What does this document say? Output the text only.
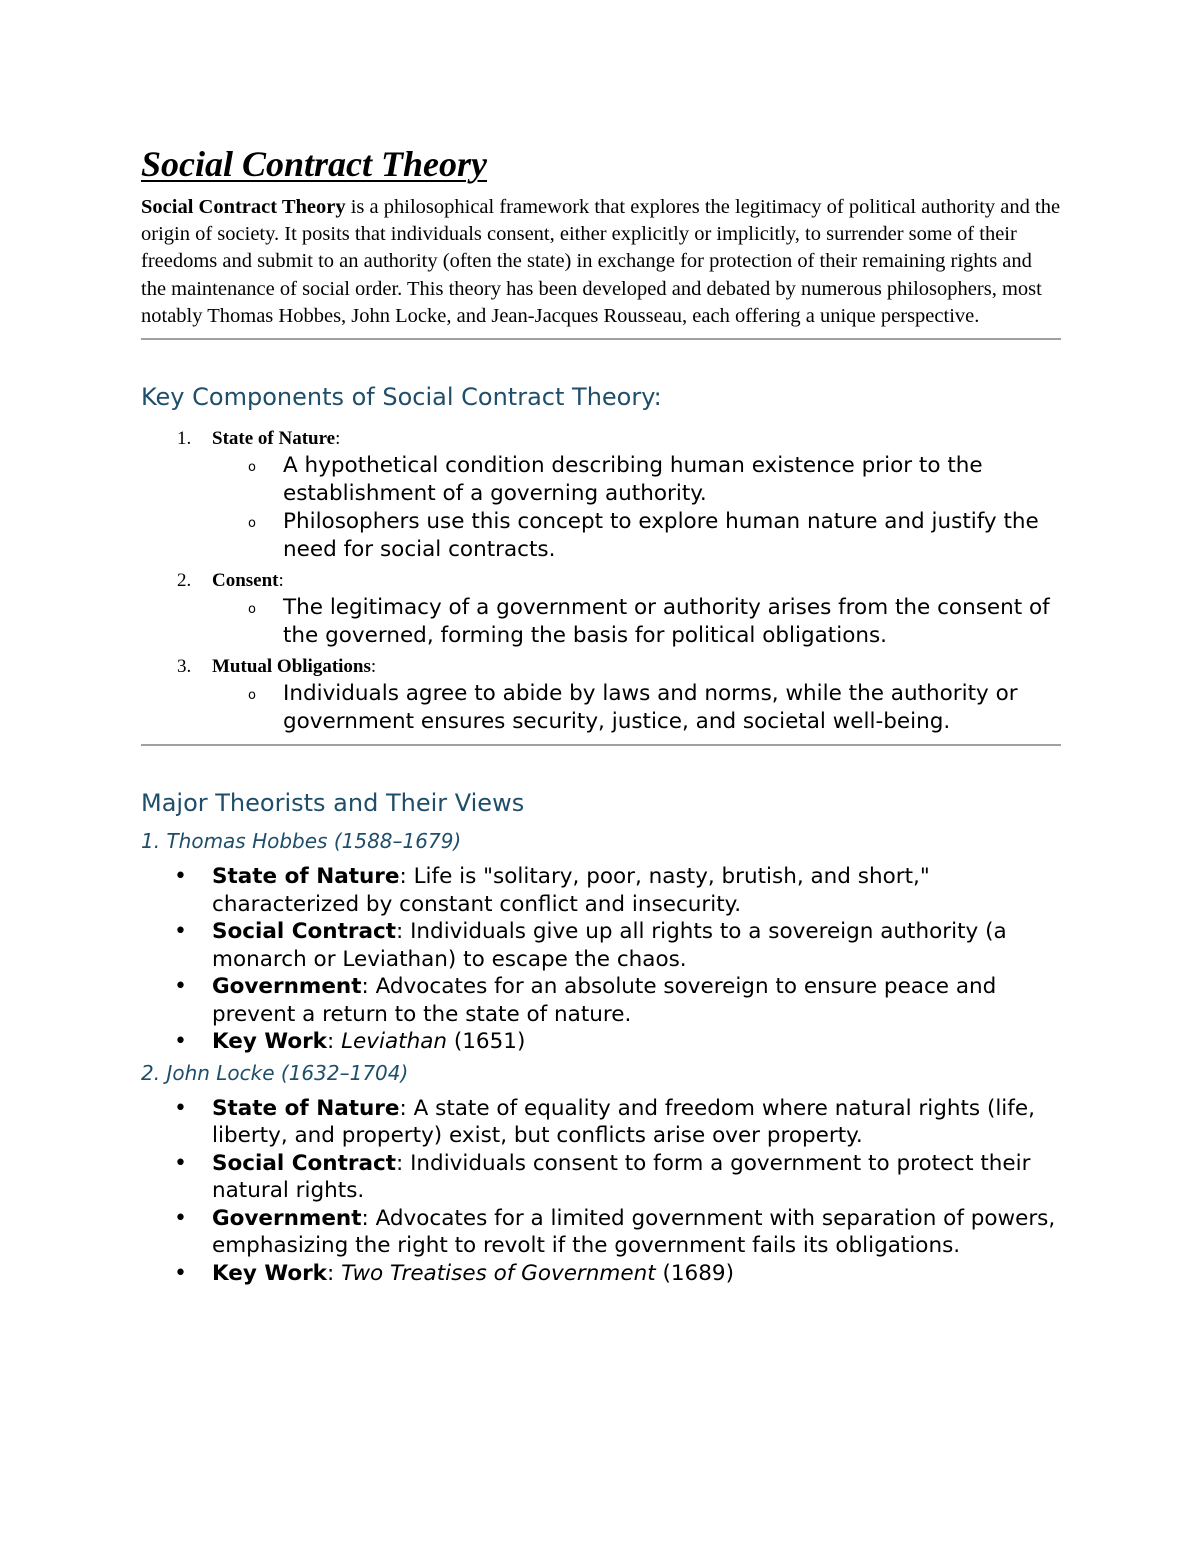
Social Contract Theory

Social Contract Theory is a philosophical framework that explores the legitimacy of political authority and the origin of society. It posits that individuals consent, either explicitly or implicitly, to surrender some of their freedoms and submit to an authority (often the state) in exchange for protection of their remaining rights and the maintenance of social order. This theory has been developed and debated by numerous philosophers, most notably Thomas Hobbes, John Locke, and Jean-Jacques Rousseau, each offering a unique perspective.

Key Components of Social Contract Theory:
1. State of Nature:
o A hypothetical condition describing human existence prior to the establishment of a governing authority.
o Philosophers use this concept to explore human nature and justify the need for social contracts.
2. Consent:
o The legitimacy of a government or authority arises from the consent of the governed, forming the basis for political obligations.
3. Mutual Obligations:
o Individuals agree to abide by laws and norms, while the authority or government ensures security, justice, and societal well-being.
Major Theorists and Their Views
1. Thomas Hobbes (1588–1679)
• State of Nature: Life is "solitary, poor, nasty, brutish, and short," characterized by constant conflict and insecurity.
• Social Contract: Individuals give up all rights to a sovereign authority (a monarch or Leviathan) to escape the chaos.
• Government: Advocates for an absolute sovereign to ensure peace and prevent a return to the state of nature.
• Key Work: Leviathan (1651)
2. John Locke (1632–1704)
• State of Nature: A state of equality and freedom where natural rights (life, liberty, and property) exist, but conflicts arise over property.
• Social Contract: Individuals consent to form a government to protect their natural rights.
• Government: Advocates for a limited government with separation of powers, emphasizing the right to revolt if the government fails its obligations.
• Key Work: Two Treatises of Government (1689)
